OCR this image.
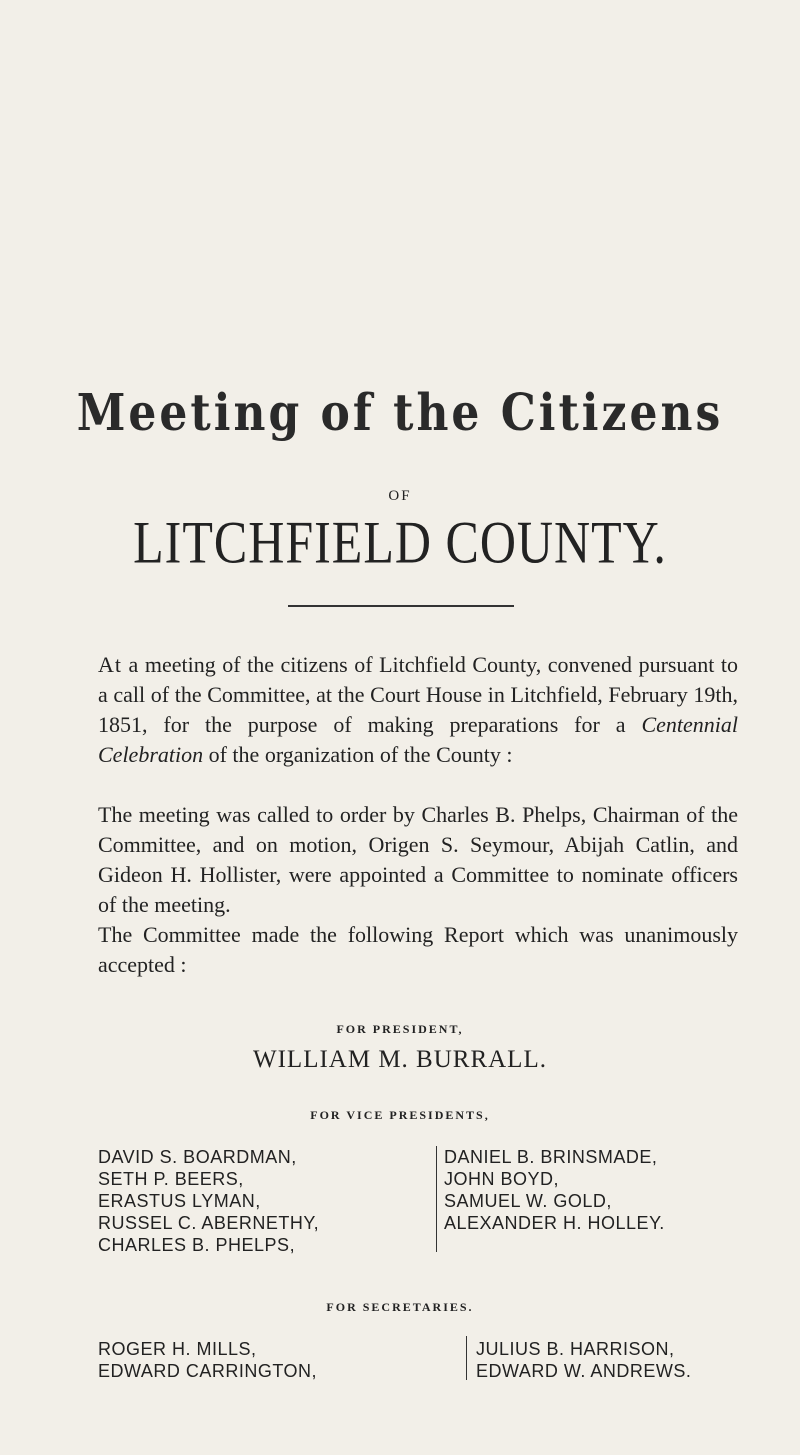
Meeting of the Citizens
OF
LITCHFIELD COUNTY.

At a meeting of the citizens of Litchfield County, convened pursuant to a call of the Committee, at the Court House in Litchfield, February 19th, 1851, for the purpose of making preparations for a Centennial Celebration of the organization of the County :

The meeting was called to order by Charles B. Phelps, Chairman of the Committee, and on motion, Origen S. Seymour, Abijah Catlin, and Gideon H. Hollister, were appointed a Committee to nominate officers of the meeting.

The Committee made the following Report which was unanimously accepted :

FOR PRESIDENT,
WILLIAM M. BURRALL.
FOR VICE PRESIDENTS,
DAVID S. BOARDMAN,
SETH P. BEERS,
ERASTUS LYMAN,
RUSSEL C. ABERNETHY,
CHARLES B. PHELPS,
DANIEL B. BRINSMADE,
JOHN BOYD,
SAMUEL W. GOLD,
ALEXANDER H. HOLLEY.
FOR SECRETARIES.
ROGER H. MILLS,
EDWARD CARRINGTON,
JULIUS B. HARRISON,
EDWARD W. ANDREWS.
